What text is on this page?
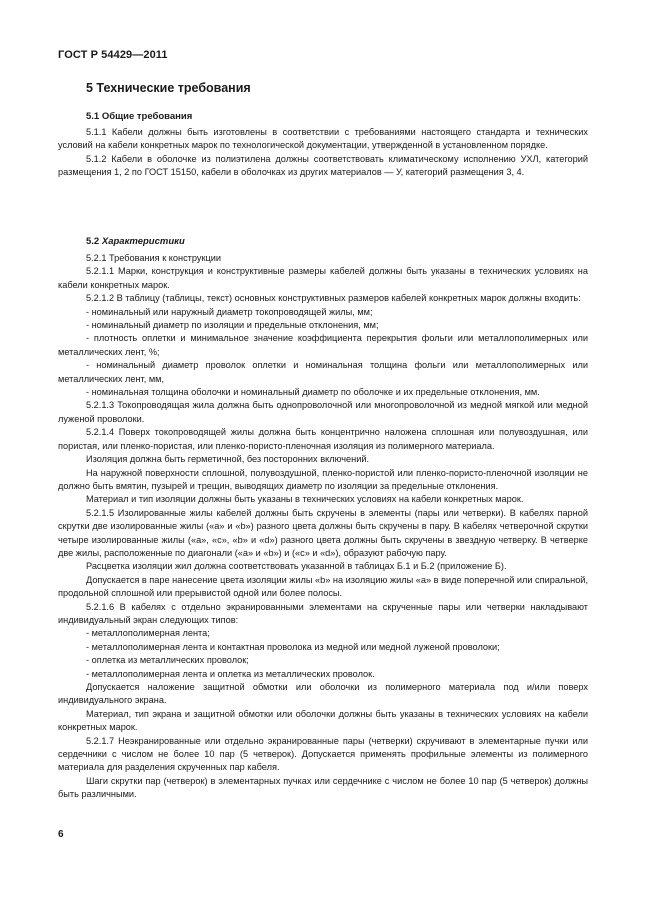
ГОСТ Р 54429—2011
5 Технические требования
5.1 Общие требования

5.1.1 Кабели должны быть изготовлены в соответствии с требованиями настоящего стандарта и технических условий на кабели конкретных марок по технологической документации, утвержденной в установленном порядке.

5.1.2 Кабели в оболочке из полиэтилена должны соответствовать климатическому исполнению УХЛ, категорий размещения 1, 2 по ГОСТ 15150, кабели в оболочках из других материалов — У, категорий размещения 3, 4.

5.2 Характеристики

5.2.1 Требования к конструкции

5.2.1.1 Марки, конструкция и конструктивные размеры кабелей должны быть указаны в технических условиях на кабели конкретных марок.

5.2.1.2 В таблицу (таблицы, текст) основных конструктивных размеров кабелей конкретных марок должны входить:

- номинальный или наружный диаметр токопроводящей жилы, мм;

- номинальный диаметр по изоляции и предельные отклонения, мм;

- плотность оплетки и минимальное значение коэффициента перекрытия фольги или металлополимерных или металлических лент, %;

- номинальный диаметр проволок оплетки и номинальная толщина фольги или металлополимерных или металлических лент, мм,

- номинальная толщина оболочки и номинальный диаметр по оболочке и их предельные отклонения, мм.

5.2.1.3 Токопроводящая жила должна быть однопроволочной или многопроволочной из медной мягкой или медной луженой проволоки.

5.2.1.4 Поверх токопроводящей жилы должна быть концентрично наложена сплошная или полувоздушная, или пористая, или пленко-пористая, или пленко-пористо-пленочная изоляция из полимерного материала.

Изоляция должна быть герметичной, без посторонних включений.

На наружной поверхности сплошной, полувоздушной, пленко-пористой или пленко-пористо-пленочной изоляции не должно быть вмятин, пузырей и трещин, выводящих диаметр по изоляции за предельные отклонения.

Материал и тип изоляции должны быть указаны в технических условиях на кабели конкретных марок.

5.2.1.5 Изолированные жилы кабелей должны быть скручены в элементы (пары или четверки). В кабелях парной скрутки две изолированные жилы («a» и «b») разного цвета должны быть скручены в пару. В кабелях четверочной скрутки четыре изолированные жилы («a», «c», «b» и «d») разного цвета должны быть скручены в звездную четверку. В четверке две жилы, расположенные по диагонали («a» и «b») и («c» и «d»), образуют рабочую пару.

Расцветка изоляции жил должна соответствовать указанной в таблицах Б.1 и Б.2 (приложение Б).

Допускается в паре нанесение цвета изоляции жилы «b» на изоляцию жилы «a» в виде поперечной или спиральной, продольной сплошной или прерывистой одной или более полосы.

5.2.1.6 В кабелях с отдельно экранированными элементами на скрученные пары или четверки накладывают индивидуальный экран следующих типов:

- металлополимерная лента;

- металлополимерная лента и контактная проволока из медной или медной луженой проволоки;

- оплетка из металлических проволок;

- металлополимерная лента и оплетка из металлических проволок.

Допускается наложение защитной обмотки или оболочки из полимерного материала под и/или поверх индивидуального экрана.

Материал, тип экрана и защитной обмотки или оболочки должны быть указаны в технических условиях на кабели конкретных марок.

5.2.1.7 Неэкранированные или отдельно экранированные пары (четверки) скручивают в элементарные пучки или сердечники с числом не более 10 пар (5 четверок). Допускается применять профильные элементы из полимерного материала для разделения скрученных пар кабеля.

Шаги скрутки пар (четверок) в элементарных пучках или сердечнике с числом не более 10 пар (5 четверок) должны быть различными.

6
